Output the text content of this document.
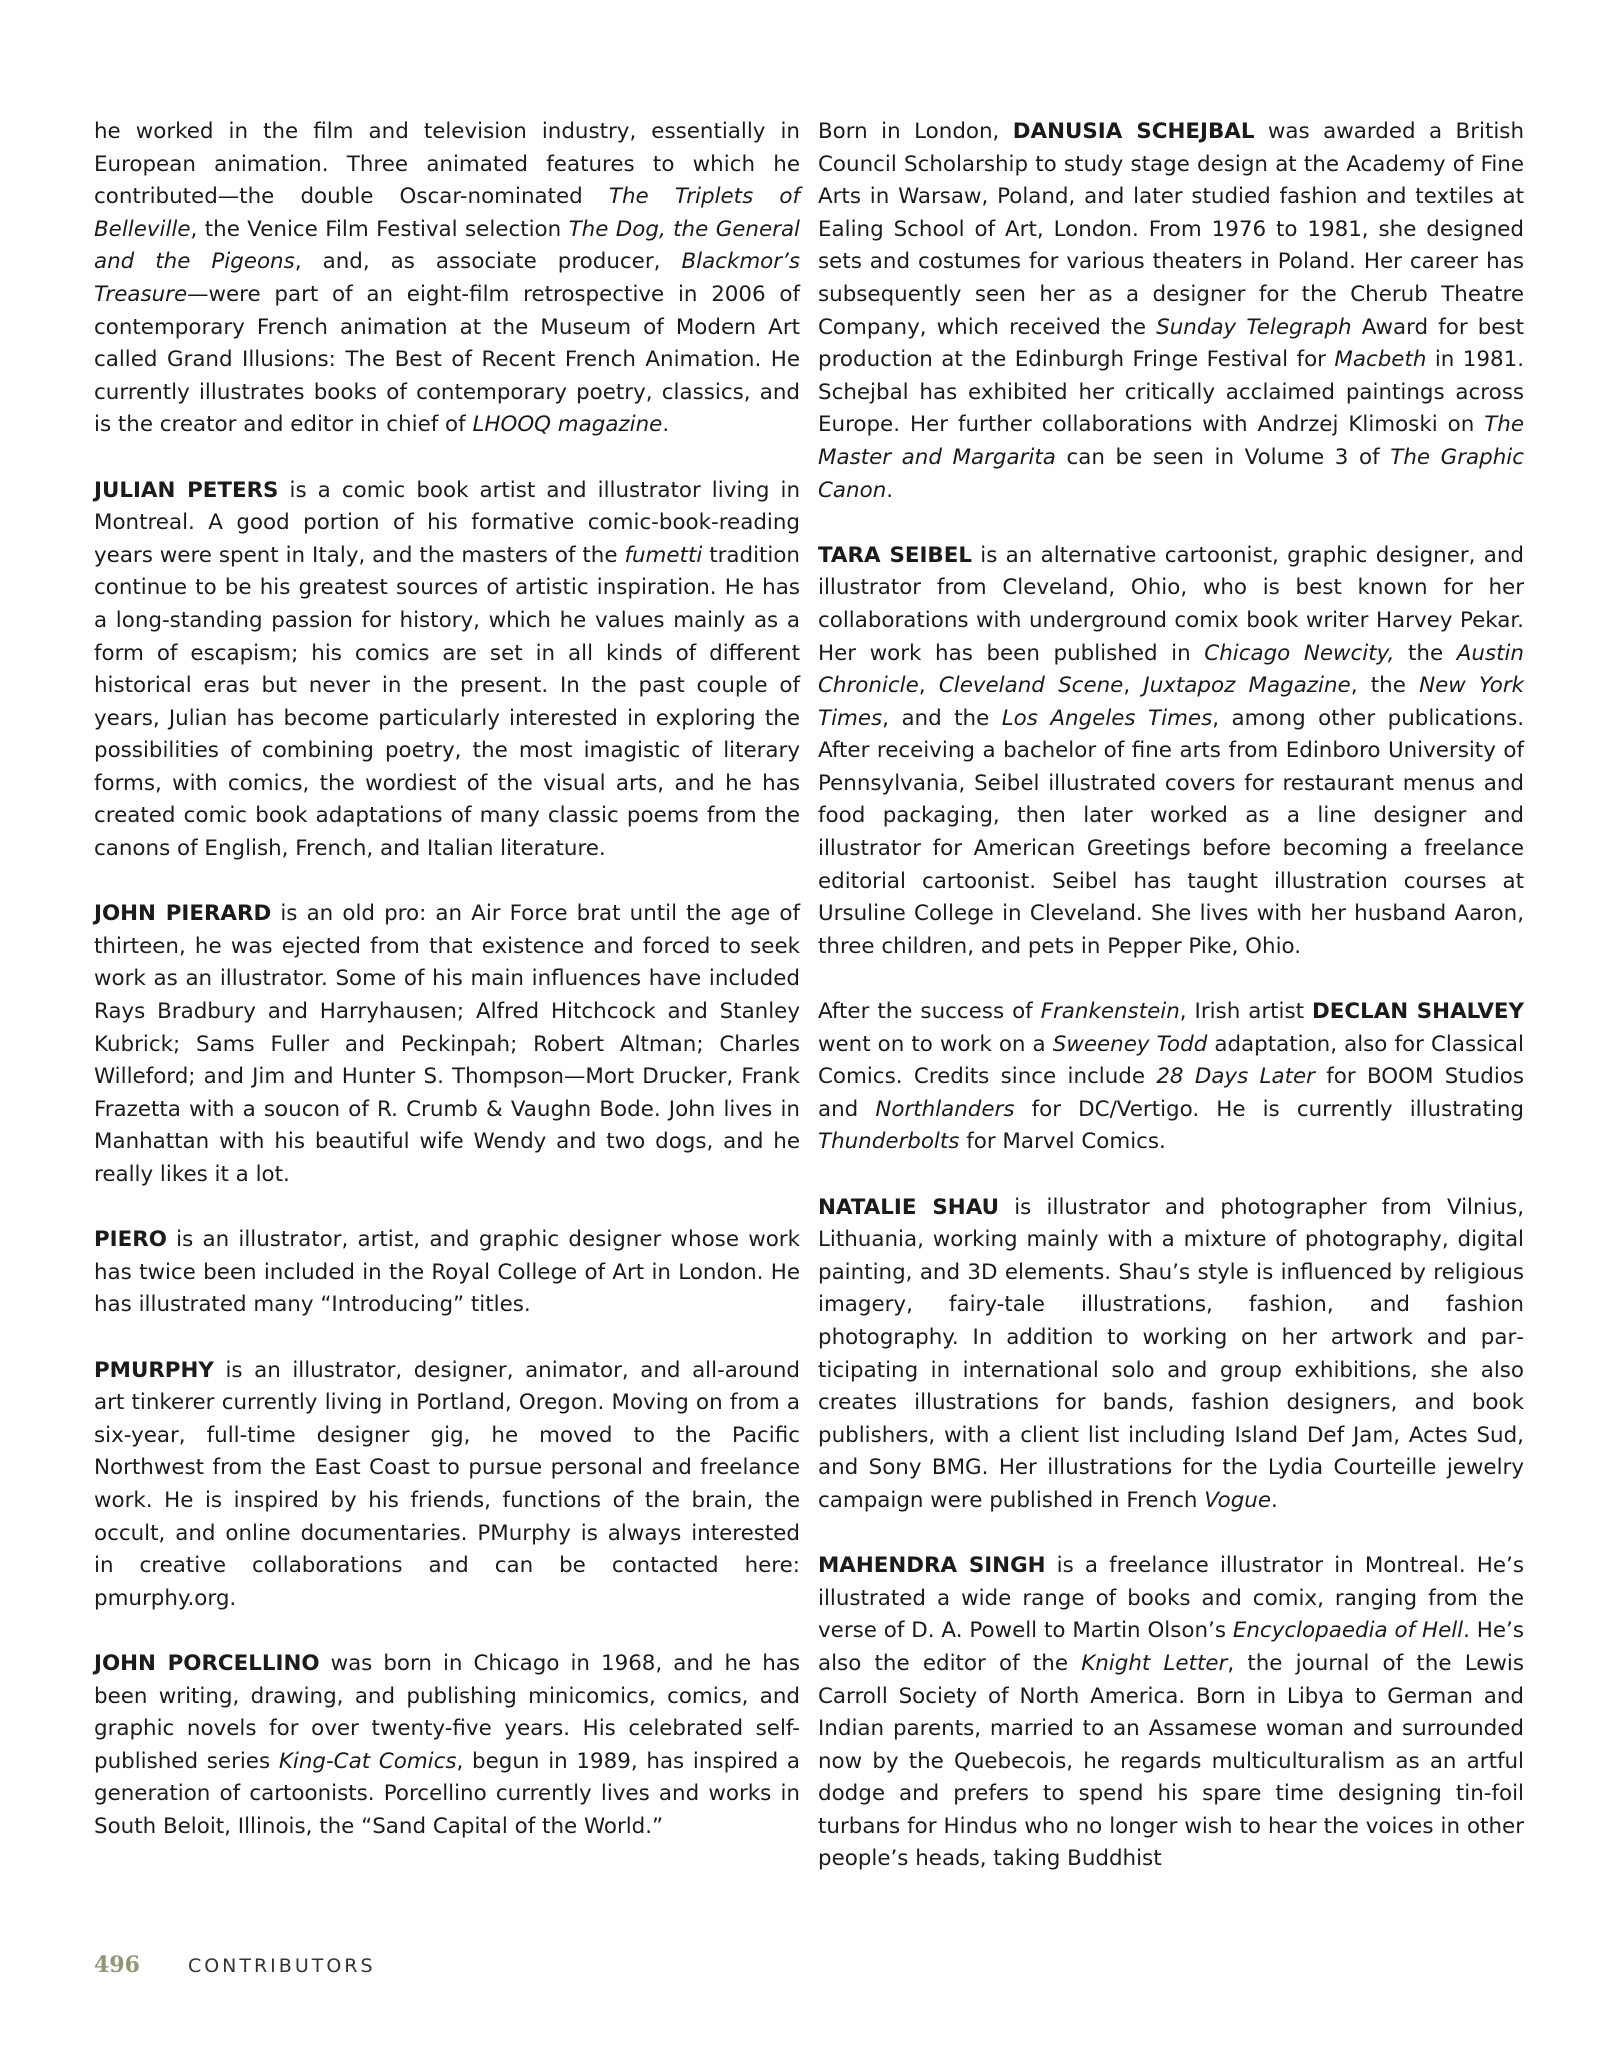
he worked in the film and television industry, essentially in European animation. Three animated features to which he contributed—the double Oscar-nominated The Triplets of Belleville, the Venice Film Festival selection The Dog, the General and the Pigeons, and, as associate producer, Blackmor’s Treasure—were part of an eight-film retrospective in 2006 of contemporary French animation at the Museum of Modern Art called Grand Illusions: The Best of Recent French Animation. He currently illustrates books of contemporary poetry, classics, and is the creator and editor in chief of LHOOQ magazine.

JULIAN PETERS is a comic book artist and illustrator living in Montreal. A good portion of his formative comic-book-reading years were spent in Italy, and the masters of the fumetti tradition continue to be his greatest sources of artistic inspiration. He has a long-standing passion for history, which he values mainly as a form of escapism; his comics are set in all kinds of different historical eras but never in the present. In the past couple of years, Julian has become particularly interested in exploring the possibilities of combining poetry, the most imagistic of literary forms, with comics, the wordiest of the visual arts, and he has created comic book adaptations of many classic poems from the canons of English, French, and Italian literature.

JOHN PIERARD is an old pro: an Air Force brat until the age of thirteen, he was ejected from that existence and forced to seek work as an illustrator. Some of his main influences have included Rays Bradbury and Harryhausen; Alfred Hitchcock and Stanley Kubrick; Sams Fuller and Peckinpah; Robert Altman; Charles Willeford; and Jim and Hunter S. Thompson—Mort Drucker, Frank Frazetta with a soucon of R. Crumb & Vaughn Bode. John lives in Manhattan with his beautiful wife Wendy and two dogs, and he really likes it a lot.

PIERO is an illustrator, artist, and graphic designer whose work has twice been included in the Royal College of Art in London. He has illustrated many “Introducing” titles.

PMURPHY is an illustrator, designer, animator, and all-around art tinkerer currently living in Portland, Oregon. Moving on from a six-year, full-time designer gig, he moved to the Pacific Northwest from the East Coast to pursue personal and freelance work. He is inspired by his friends, functions of the brain, the occult, and online documentaries. PMurphy is always interested in creative collaborations and can be contacted here: pmurphy.org.

JOHN PORCELLINO was born in Chicago in 1968, and he has been writing, drawing, and publishing minicomics, comics, and graphic novels for over twenty-five years. His celebrated self-published series King-Cat Comics, begun in 1989, has inspired a generation of cartoonists. Porcellino currently lives and works in South Beloit, Illinois, the “Sand Capital of the World.”

Born in London, DANUSIA SCHEJBAL was awarded a British Council Scholarship to study stage design at the Academy of Fine Arts in Warsaw, Poland, and later studied fashion and textiles at Ealing School of Art, London. From 1976 to 1981, she designed sets and costumes for various theaters in Poland. Her career has subsequently seen her as a designer for the Cherub Theatre Company, which received the Sunday Telegraph Award for best production at the Edinburgh Fringe Festival for Macbeth in 1981. Schejbal has exhibited her critically acclaimed paintings across Europe. Her further collaborations with Andrzej Klimoski on The Master and Margarita can be seen in Volume 3 of The Graphic Canon.

TARA SEIBEL is an alternative cartoonist, graphic designer, and illustrator from Cleveland, Ohio, who is best known for her collaborations with underground comix book writer Harvey Pekar. Her work has been published in Chicago Newcity, the Austin Chronicle, Cleveland Scene, Juxtapoz Magazine, the New York Times, and the Los Angeles Times, among other publications. After receiving a bachelor of fine arts from Edinboro University of Pennsylvania, Seibel illustrated covers for restaurant menus and food packaging, then later worked as a line designer and illustrator for American Greetings before becoming a freelance editorial cartoonist. Seibel has taught illustration courses at Ursuline College in Cleveland. She lives with her husband Aaron, three children, and pets in Pepper Pike, Ohio.

After the success of Frankenstein, Irish artist DECLAN SHALVEY went on to work on a Sweeney Todd adaptation, also for Classical Comics. Credits since include 28 Days Later for BOOM Studios and Northlanders for DC/Vertigo. He is currently illustrating Thunderbolts for Marvel Comics.

NATALIE SHAU is illustrator and photographer from Vilnius, Lithuania, working mainly with a mixture of photography, digital painting, and 3D elements. Shau’s style is influenced by religious imagery, fairy-tale illustrations, fashion, and fashion photography. In addition to working on her artwork and participating in international solo and group exhibitions, she also creates illustrations for bands, fashion designers, and book publishers, with a client list including Island Def Jam, Actes Sud, and Sony BMG. Her illustrations for the Lydia Courteille jewelry campaign were published in French Vogue.

MAHENDRA SINGH is a freelance illustrator in Montreal. He’s illustrated a wide range of books and comix, ranging from the verse of D. A. Powell to Martin Olson’s Encyclopaedia of Hell. He’s also the editor of the Knight Letter, the journal of the Lewis Carroll Society of North America. Born in Libya to German and Indian parents, married to an Assamese woman and surrounded now by the Quebecois, he regards multiculturalism as an artful dodge and prefers to spend his spare time designing tin-foil turbans for Hindus who no longer wish to hear the voices in other people’s heads, taking Buddhist

496	CONTRIBUTORS
